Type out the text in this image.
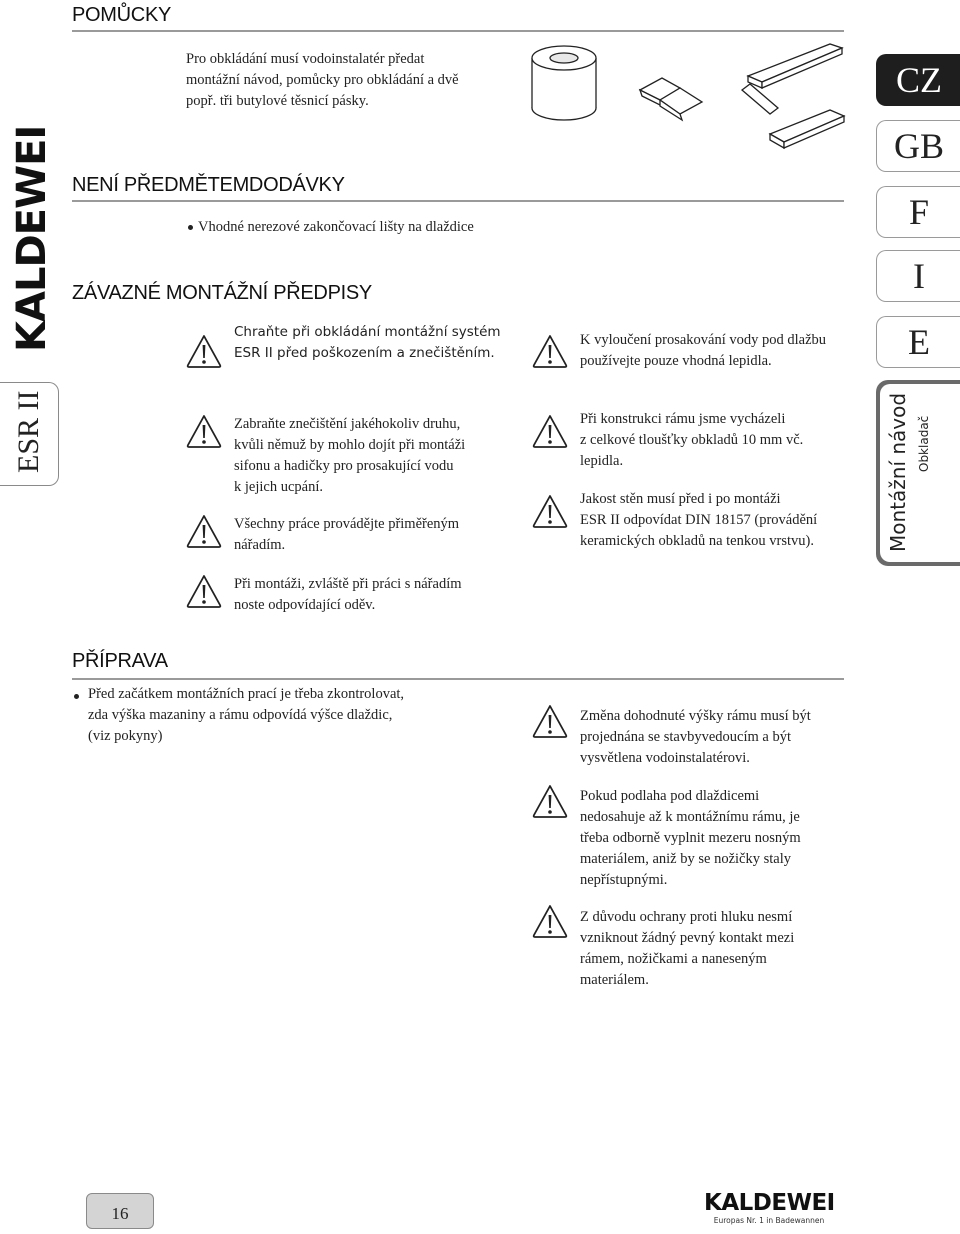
KALDEWEI
ESR II
POMŮCKY
Pro obkládání musí vodoinstalatér předat
montážní návod, pomůcky pro obkládání a dvě
popř. tři butylové těsnicí pásky.
NENÍ PŘEDMĚTEMDODÁVKY
Vhodné nerezové zakončovací lišty na dlaždice
ZÁVAZNÉ MONTÁŽNÍ PŘEDPISY
Chraňte při obkládání montážní systém
ESR II před poškozením a znečištěním.
Zabraňte znečištění jakéhokoliv druhu,
kvůli němuž by mohlo dojít při montáži
sifonu a hadičky pro prosakující vodu
k jejich ucpání.
Všechny práce provádějte přiměřeným
nářadím.
Při montáži, zvláště při práci s nářadím
noste odpovídající oděv.
K vyloučení prosakování vody pod dlažbu
používejte pouze vhodná lepidla.
Při konstrukci rámu jsme vycházeli
z celkové tloušťky obkladů 10 mm vč.
lepidla.
Jakost stěn musí před i po montáži
ESR II odpovídat DIN 18157 (provádění
keramických obkladů na tenkou vrstvu).
PŘÍPRAVA
Před začátkem montážních prací je třeba zkontrolovat,
zda výška mazaniny a rámu odpovídá výšce dlaždic,
(viz pokyny)
Změna dohodnuté výšky rámu musí být
projednána se stavbyvedoucím a být
vysvětlena vodoinstalatérovi.
Pokud podlaha pod dlaždicemi
nedosahuje až k montážnímu rámu, je
třeba odborně vyplnit mezeru nosným
materiálem, aniž by se nožičky staly
nepřístupnými.
Z důvodu ochrany proti hluku nesmí
vzniknout žádný pevný kontakt mezi
rámem, nožičkami a naneseným
materiálem.
CZ
GB
F
I
E
Montážní návod Obkladač
16	KALDEWEI
Europas Nr. 1 in Badewannen
